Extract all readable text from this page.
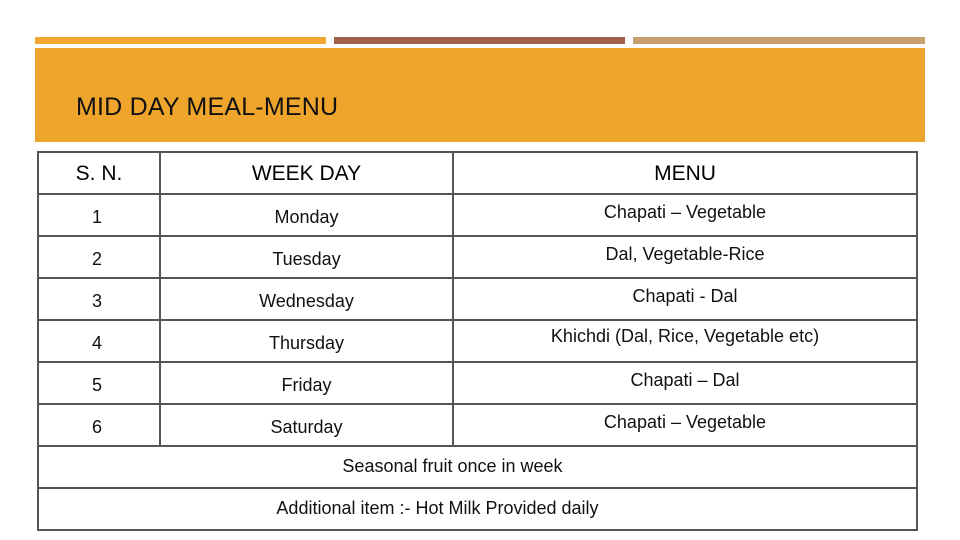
MID DAY MEAL-MENU
S. N.	WEEK DAY	MENU
1	Monday	Chapati – Vegetable
2	Tuesday	Dal, Vegetable-Rice
3	Wednesday	Chapati - Dal
4	Thursday	Khichdi (Dal, Rice, Vegetable etc)
5	Friday	Chapati – Dal
6	Saturday	Chapati – Vegetable
Seasonal fruit once in week		
Additional item :- Hot Milk Provided daily		
